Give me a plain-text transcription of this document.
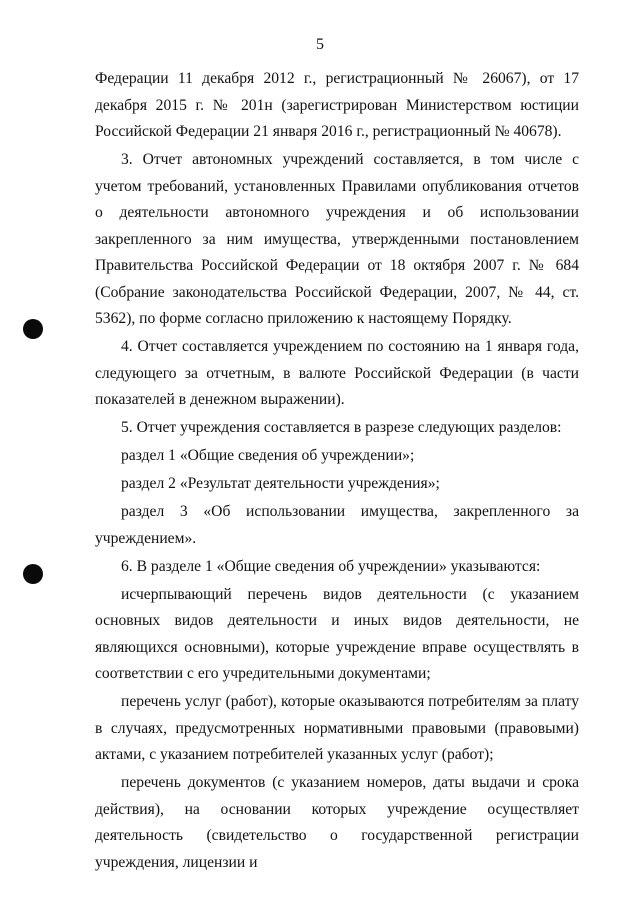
5

Федерации 11 декабря 2012 г., регистрационный № 26067), от 17 декабря 2015 г. № 201н (зарегистрирован Министерством юстиции Российской Федерации 21 января 2016 г., регистрационный № 40678).

3. Отчет автономных учреждений составляется, в том числе с учетом требований, установленных Правилами опубликования отчетов о деятельности автономного учреждения и об использовании закрепленного за ним имущества, утвержденными постановлением Правительства Российской Федерации от 18 октября 2007 г. № 684 (Собрание законодательства Российской Федерации, 2007, № 44, ст. 5362), по форме согласно приложению к настоящему Порядку.

4. Отчет составляется учреждением по состоянию на 1 января года, следующего за отчетным, в валюте Российской Федерации (в части показателей в денежном выражении).

5. Отчет учреждения составляется в разрезе следующих разделов:

раздел 1 «Общие сведения об учреждении»;

раздел 2 «Результат деятельности учреждения»;

раздел 3 «Об использовании имущества, закрепленного за учреждением».

6. В разделе 1 «Общие сведения об учреждении» указываются:

исчерпывающий перечень видов деятельности (с указанием основных видов деятельности и иных видов деятельности, не являющихся основными), которые учреждение вправе осуществлять в соответствии с его учредительными документами;

перечень услуг (работ), которые оказываются потребителям за плату в случаях, предусмотренных нормативными правовыми (правовыми) актами, с указанием потребителей указанных услуг (работ);

перечень документов (с указанием номеров, даты выдачи и срока действия), на основании которых учреждение осуществляет деятельность (свидетельство о государственной регистрации учреждения, лицензии и
